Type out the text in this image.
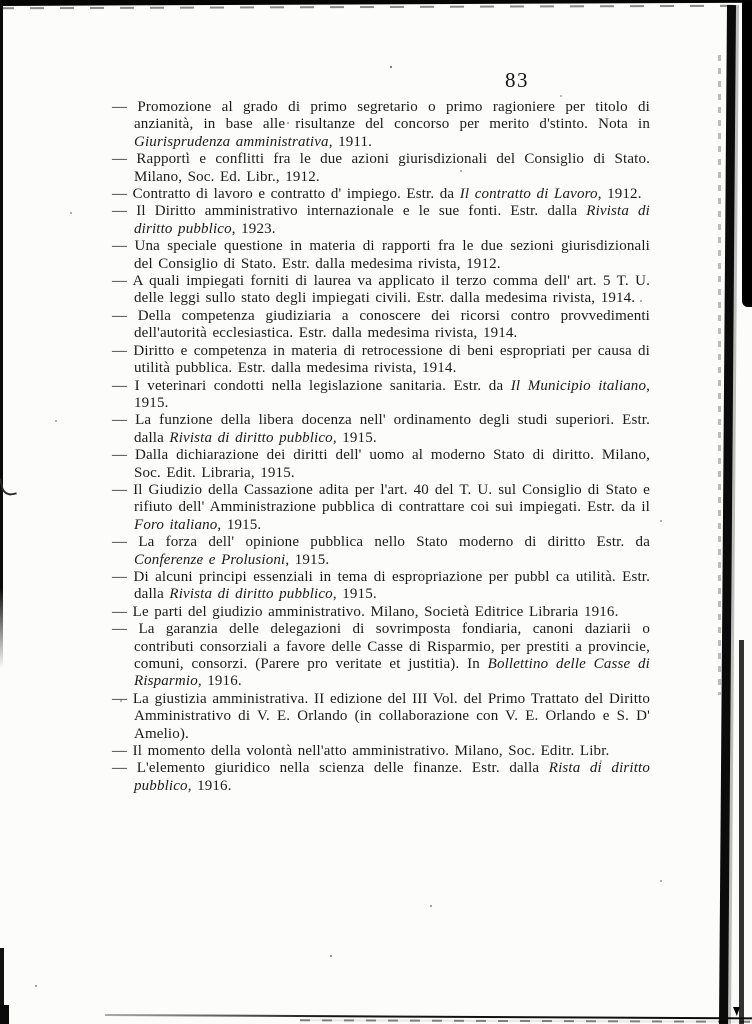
83
— Promozione al grado di primo segretario o primo ragioniere per titolo di anzianità, in base alle risultanze del concorso per merito d'stinto. Nota in Giurisprudenza amministrativa, 1911.
— Rapporti e conflitti fra le due azioni giurisdizionali del Consiglio di Stato. Milano, Soc. Ed. Libr., 1912.
— Contratto di lavoro e contratto d' impiego. Estr. da Il contratto di Lavoro, 1912.
— Il Diritto amministrativo internazionale e le sue fonti. Estr. dalla Rivista di diritto pubblico, 1923.
— Una speciale questione in materia di rapporti fra le due sezioni giurisdizionali del Consiglio di Stato. Estr. dalla medesima rivista, 1912.
— A quali impiegati forniti di laurea va applicato il terzo comma dell' art. 5 T. U. delle leggi sullo stato degli impiegati civili. Estr. dalla medesima rivista, 1914.
— Della competenza giudiziaria a conoscere dei ricorsi contro provvedimenti dell'autorità ecclesiastica. Estr. dalla medesima rivista, 1914.
— Diritto e competenza in materia di retrocessione di beni espropriati per causa di utilità pubblica. Estr. dalla medesima rivista, 1914.
— I veterinari condotti nella legislazione sanitaria. Estr. da Il Municipio italiano, 1915.
— La funzione della libera docenza nell' ordinamento degli studi superiori. Estr. dalla Rivista di diritto pubblico, 1915.
— Dalla dichiarazione dei diritti dell' uomo al moderno Stato di diritto. Milano, Soc. Edit. Libraria, 1915.
— Il Giudizio della Cassazione adita per l'art. 40 del T. U. sul Consiglio di Stato e rifiuto dell' Amministrazione pubblica di contrattare coi sui impiegati. Estr. da il Foro italiano, 1915.
— La forza dell' opinione pubblica nello Stato moderno di diritto Estr. da Conferenze e Prolusioni, 1915.
— Di alcuni principi essenziali in tema di espropriazione per pubbl ca utilità. Estr. dalla Rivista di diritto pubblico, 1915.
— Le parti del giudizio amministrativo. Milano, Società Editrice Libraria 1916.
— La garanzia delle delegazioni di sovrimposta fondiaria, canoni daziarii o contributi consorziali a favore delle Casse di Risparmio, per prestiti a provincie, comuni, consorzi. (Parere pro veritate et justitia). In Bollettino delle Casse di Risparmio, 1916.
— La giustizia amministrativa. II edizione del III Vol. del Primo Trattato del Diritto Amministrativo di V. E. Orlando (in collaborazione con V. E. Orlando e S. D' Amelio).
— Il momento della volontà nell'atto amministrativo. Milano, Soc. Editr. Libr.
— L'elemento giuridico nella scienza delle finanze. Estr. dalla Rista di diritto pubblico, 1916.
